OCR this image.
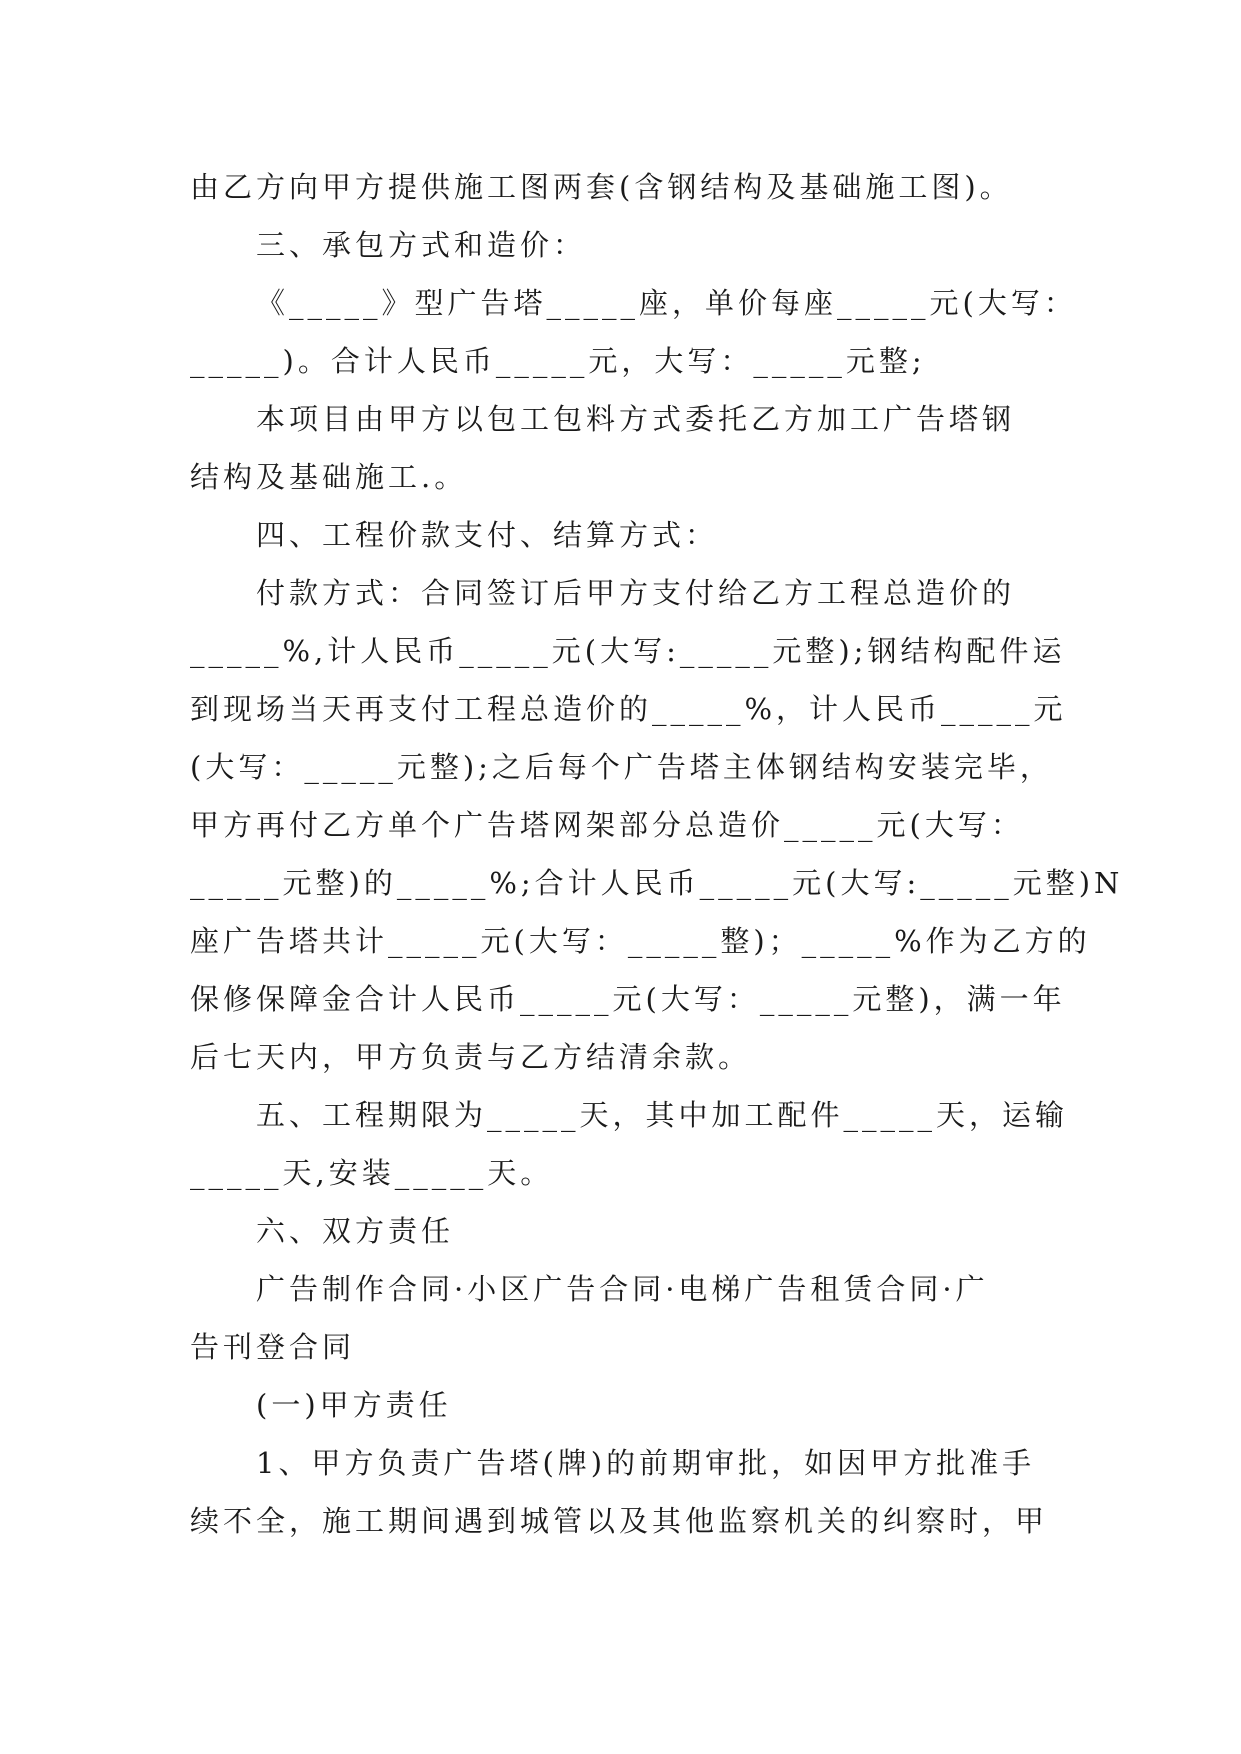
由乙方向甲方提供施工图两套(含钢结构及基础施工图)。

三、承包方式和造价：

《_____》型广告塔_____座，单价每座_____元(大写：

_____)。合计人民币_____元，大写：_____元整;

本项目由甲方以包工包料方式委托乙方加工广告塔钢

结构及基础施工.。

四、工程价款支付、结算方式：

付款方式：合同签订后甲方支付给乙方工程总造价的

_____%,计人民币_____元(大写:_____元整);钢结构配件运

到现场当天再支付工程总造价的_____%，计人民币_____元

(大写：_____元整);之后每个广告塔主体钢结构安装完毕，

甲方再付乙方单个广告塔网架部分总造价_____元(大写：

_____元整)的_____%;合计人民币_____元(大写:_____元整)N

座广告塔共计_____元(大写：_____整)；_____%作为乙方的

保修保障金合计人民币_____元(大写：_____元整)，满一年

后七天内，甲方负责与乙方结清余款。

五、工程期限为_____天，其中加工配件_____天，运输

_____天,安装_____天。

六、双方责任

广告制作合同·小区广告合同·电梯广告租赁合同·广

告刊登合同

(一)甲方责任

1、甲方负责广告塔(牌)的前期审批，如因甲方批准手

续不全，施工期间遇到城管以及其他监察机关的纠察时，甲
